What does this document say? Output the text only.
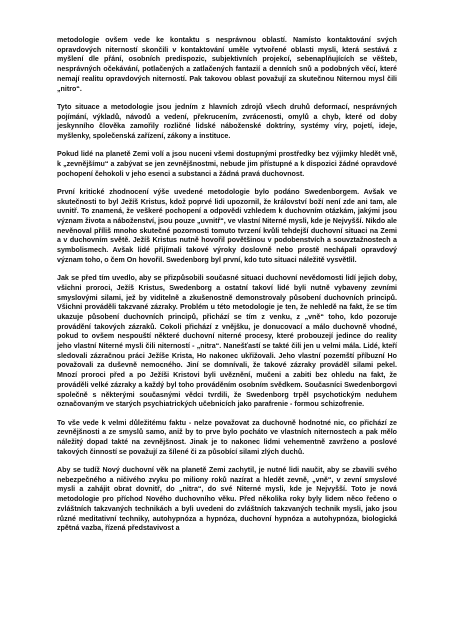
metodologie ovšem vede ke kontaktu s nesprávnou oblastí. Namísto kontaktování svých opravdových niterností skončili v kontaktování uměle vytvořené oblasti mysli, která sestává z myšlení dle přání, osobních predispozic, subjektivních projekcí, sebenaplňujících se věšteb, nesprávných očekávání, potlačených a zatlačených fantazií a denních snů a podobných věcí, které nemají realitu opravdových niterností. Pak takovou oblast považují za skutečnou Niternou mysl čili „nitro“.

Tyto situace a metodologie jsou jedním z hlavních zdrojů všech druhů deformací, nesprávných pojímání, výkladů, návodů a vedení, překrucením, zvrácenosti, omylů a chyb, které od doby jeskynního člověka zamořily rozličné lidské náboženské doktríny, systémy víry, pojetí, ideje, myšlenky, společenská zařízení, zákony a instituce.

Pokud lidé na planetě Zemi volí a jsou nuceni všemi dostupnými prostředky bez výjimky hledět vně, k „zevnějšímu“ a zabývat se jen zevnějšnostmi, nebude jim přístupné a k dispozici žádné opravdové pochopení čehokoli v jeho esenci a substanci a žádná pravá duchovnost.

První kritické zhodnocení výše uvedené metodologie bylo podáno Swedenborgem. Avšak ve skutečnosti to byl Ježíš Kristus, kdož poprvé lidi upozornil, že království boží není zde ani tam, ale uvnitř. To znamená, že veškeré pochopení a odpovědi vzhledem k duchovním otázkám, jakými jsou význam života a náboženství, jsou pouze „uvnitř“, ve vlastní Niterné mysli, kde je Nejvyšší. Nikdo ale nevěnoval příliš mnoho skutečné pozornosti tomuto tvrzení kvůli tehdejší duchovní situaci na Zemi a v duchovním světě. Ježíš Kristus nutně hovořil povětšinou v podobenstvích a souvztažnostech a symbolismech. Avšak lidé přijímali takové výroky doslovně nebo prostě nechápali opravdový význam toho, o čem On hovořil. Swedenborg byl první, kdo tuto situaci náležitě vysvětlil.

Jak se před tím uvedlo, aby se přizpůsobili současné situaci duchovní nevědomosti lidí jejich doby, všichni proroci, Ježíš Kristus, Swedenborg a ostatní takoví lidé byli nutně vybaveny zevními smyslovými silami, jež by viditelně a zkušenostně demonstrovaly působení duchovních principů. Všichni prováděli takzvané zázraky. Problém u této metodologie je ten, že nehledě na fakt, že se tím ukazuje působení duchovních principů, přichází se tím z venku, z „vně“ toho, kdo pozoruje provádění takových zázraků. Cokoli přichází z vnějšku, je donucovací a málo duchovně vhodné, pokud to ovšem nespouští některé duchovní niterné procesy, které probouzejí jedince do reality jeho vlastní Niterné mysli čili niterností - „nitra“. Nanešťastí se takté čili jen u velmi mála. Lidé, kteří sledovali zázračnou práci Ježíše Krista, Ho nakonec ukřižovali. Jeho vlastní pozemští příbuzní Ho považovali za duševně nemocného. Jiní se domnívali, že takové zázraky prováděl silami pekel. Mnozí proroci před a po Ježíši Kristovi byli uvěznění, mučeni a zabiti bez ohledu na fakt, že prováděli velké zázraky a každý byl toho prováděním osobním svědkem. Současníci Swedenborgovi společně s některými současnými vědci tvrdili, že Swedenborg trpěl psychotickým neduhem označovaným ve starých psychiatrických učebnicích jako parafrenie - formou schizofrenie.

To vše vede k velmi důležitému faktu - nelze považovat za duchovně hodnotné nic, co přichází ze zevnějšnosti a ze smyslů samo, aniž by to prve bylo pocháto ve vlastních niternostech a pak mělo náležitý dopad takté na zevnějšnost. Jinak je to nakonec lidmi vehementně zavrženo a poslové takových činností se považují za šílené či za působící silami zlých duchů.

Aby se tudíž Nový duchovní věk na planetě Zemi zachytil, je nutné lidi naučit, aby se zbavili svého nebezpečného a ničivého zvyku po miliony roků nazírat a hledět zevně, „vně“, v zevní smyslové mysli a zahájit obrat dovnitř, do „nitra“, do své Niterné mysli, kde je Nejvyšší. Toto je nová metodologie pro příchod Nového duchovního věku. Před několika roky byly lidem něco řečeno o zvláštních takzvaných technikách a byli uvedeni do zvláštních takzvaných technik mysli, jako jsou různé meditativní techniky, autohypnóza a hypnóza, duchovní hypnóza a autohypnóza, biologická zpětná vazba, řízená představivost a
